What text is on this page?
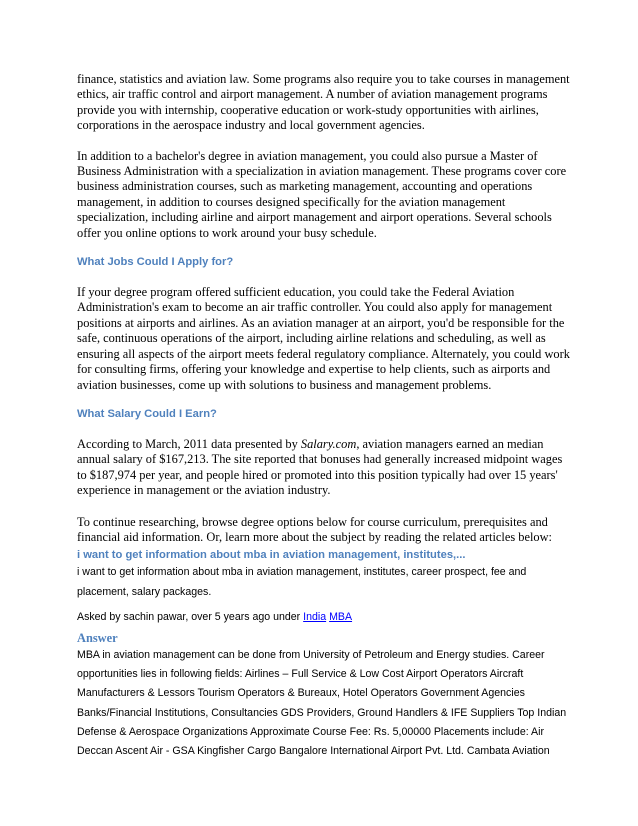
finance, statistics and aviation law. Some programs also require you to take courses in management ethics, air traffic control and airport management. A number of aviation management programs provide you with internship, cooperative education or work-study opportunities with airlines, corporations in the aerospace industry and local government agencies.

In addition to a bachelor's degree in aviation management, you could also pursue a Master of Business Administration with a specialization in aviation management. These programs cover core business administration courses, such as marketing management, accounting and operations management, in addition to courses designed specifically for the aviation management specialization, including airline and airport management and airport operations. Several schools offer you online options to work around your busy schedule.

What Jobs Could I Apply for?

If your degree program offered sufficient education, you could take the Federal Aviation Administration's exam to become an air traffic controller. You could also apply for management positions at airports and airlines. As an aviation manager at an airport, you'd be responsible for the safe, continuous operations of the airport, including airline relations and scheduling, as well as ensuring all aspects of the airport meets federal regulatory compliance. Alternately, you could work for consulting firms, offering your knowledge and expertise to help clients, such as airports and aviation businesses, come up with solutions to business and management problems.

What Salary Could I Earn?

According to March, 2011 data presented by Salary.com, aviation managers earned an median annual salary of $167,213. The site reported that bonuses had generally increased midpoint wages to $187,974 per year, and people hired or promoted into this position typically had over 15 years' experience in management or the aviation industry.

To continue researching, browse degree options below for course curriculum, prerequisites and financial aid information. Or, learn more about the subject by reading the related articles below:

i want to get information about mba in aviation management, institutes,...

i want to get information about mba in aviation management, institutes, career prospect, fee and placement, salary packages.

Asked by sachin pawar, over 5 years ago under India MBA

Answer

MBA in aviation management can be done from University of Petroleum and Energy studies. Career opportunities lies in following fields: Airlines – Full Service & Low Cost Airport Operators Aircraft Manufacturers & Lessors Tourism Operators & Bureaux, Hotel Operators Government Agencies Banks/Financial Institutions, Consultancies GDS Providers, Ground Handlers & IFE Suppliers Top Indian Defense & Aerospace Organizations Approximate Course Fee: Rs. 5,00000 Placements include: Air Deccan Ascent Air - GSA Kingfisher Cargo Bangalore International Airport Pvt. Ltd. Cambata Aviation
